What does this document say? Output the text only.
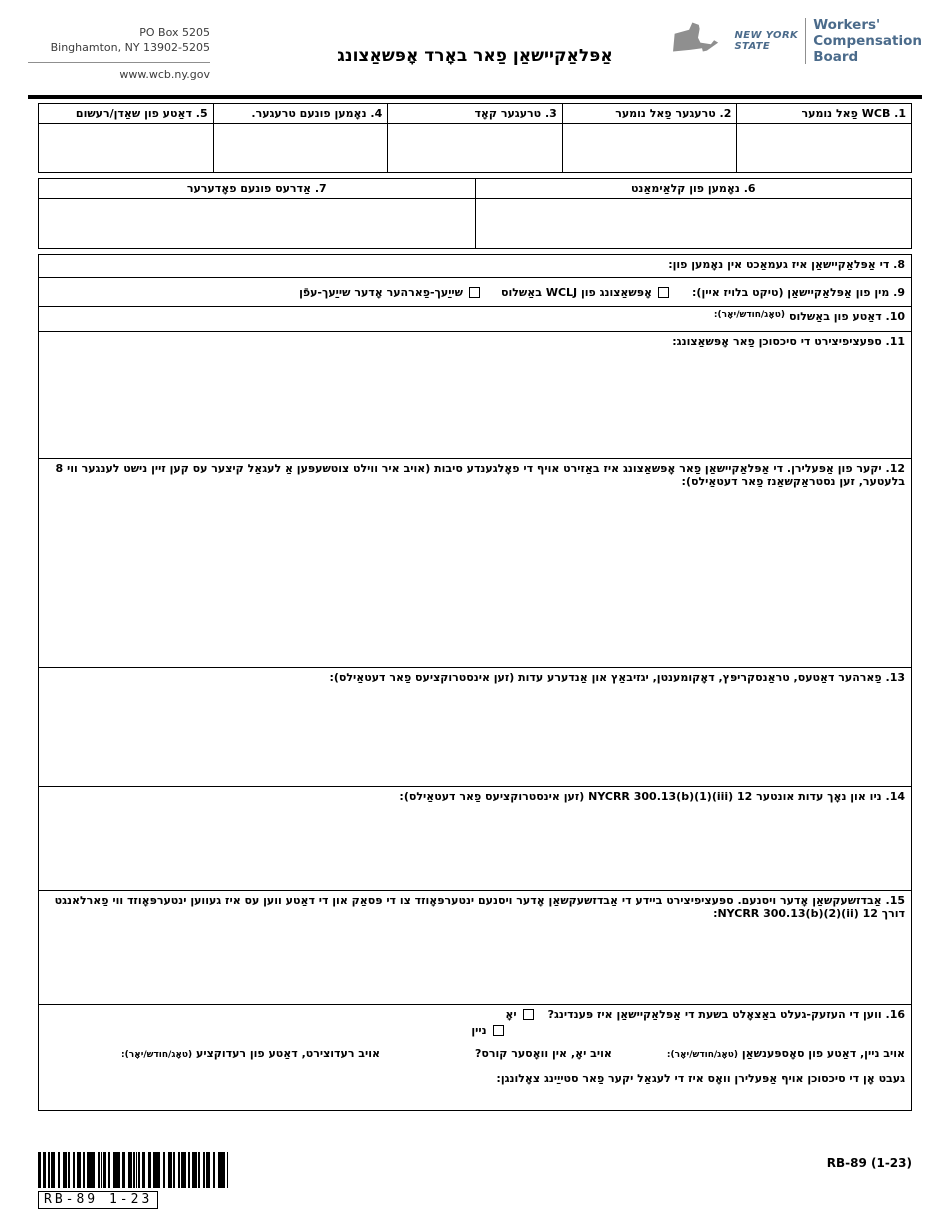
PO Box 5205
Binghamton, NY 13902-5205
www.wcb.ny.gov
אַפּלאַקיישאַן פַאר באָרד אָפּשאַצונג
NEW YORK
STATE
Workers'
Compensation
Board
1. WCB פַאל נומער
2. טרעגער פַאל נומער
3. טרעגער קאָד
4. נאָמען פונעם טרעגער.
5. דאַטע פון שאַדן/רעשום
6. נאָמען פון קלאַימאַנט
7. אַדרעס פונעם פאָדערער
8. די אַפּלאַקיישאַן איז געמאַכט אין נאָמען פון:
9. מין פון אַפּלאַקיישאַן (טיקט בלויז איין):
אָפּשאַצונג פון WCLJ באַשלוס
שייַעך-פַארהער אָדער שייַעך-עפֿן
10. דאַטע פון באַשלוס
(טאָג/חודש/יאָר):
11. ספּעציפיצירט די סיכסוכן פַאר אָפּשאַצונג:
12. יקער פון אַפּעלירן. די אַפּלאַקיישאַן פַאר אָפּשאַצונג איז באַזירט אויף די פאָלגענדע סיבות (אויב איר ווילט צוטשעפּען אַ לעגאַל קיצער עס קען זיין נישט לענגער ווי 8 בלעטער, זען נסטראַקשאַנז פַאר דעטאַילס):
13. פַארהער דאַטעס, טראַנסקריפּץ, דאָקומענטן, יגזיבאַץ און אַנדערע עדות (זען אינסטרוקציעס פַאר דעטאַילס):
14. ניו און נאָך עדות אונטער 12 NYCRR 300.13(b)(1)(iii) (זען אינסטרוקציעס פַאר דעטאַילס):
15. אַבדזשעקשאַן אָדער ויסנעם. ספּעציפיצירט ביידע די אַבדזשעקשאַן אָדער ויסנעם ינטערפּאָוזד צו די פּסאַק און די דאַטע ווען עס איז געווען ינטערפּאָוזד ווי פַארלאנגט דורך 12 NYCRR 300.13(b)(2)(ii):
16. ווען די העזעק-געלט באַצאָלט בשעת די אַפּלאַקיישאַן איז פּענדינג?
יאָ
ניין
אויב ניין, דאַטע פון סאָספּענשאַן (טאָג/חודש/יאָר):
אויב יאָ, אין וואָסער קורס?
אויב רעדוצירט, דאַטע פון רעדוקציע (טאָג/חודש/יאָר):
געבט אָן די סיכסוכן אויף אַפּעלירן וואָס איז די לעגאַל יקער פַאר סטייַינג צאָלונגן:
RB-89 1-23
RB-89 (1-23)
